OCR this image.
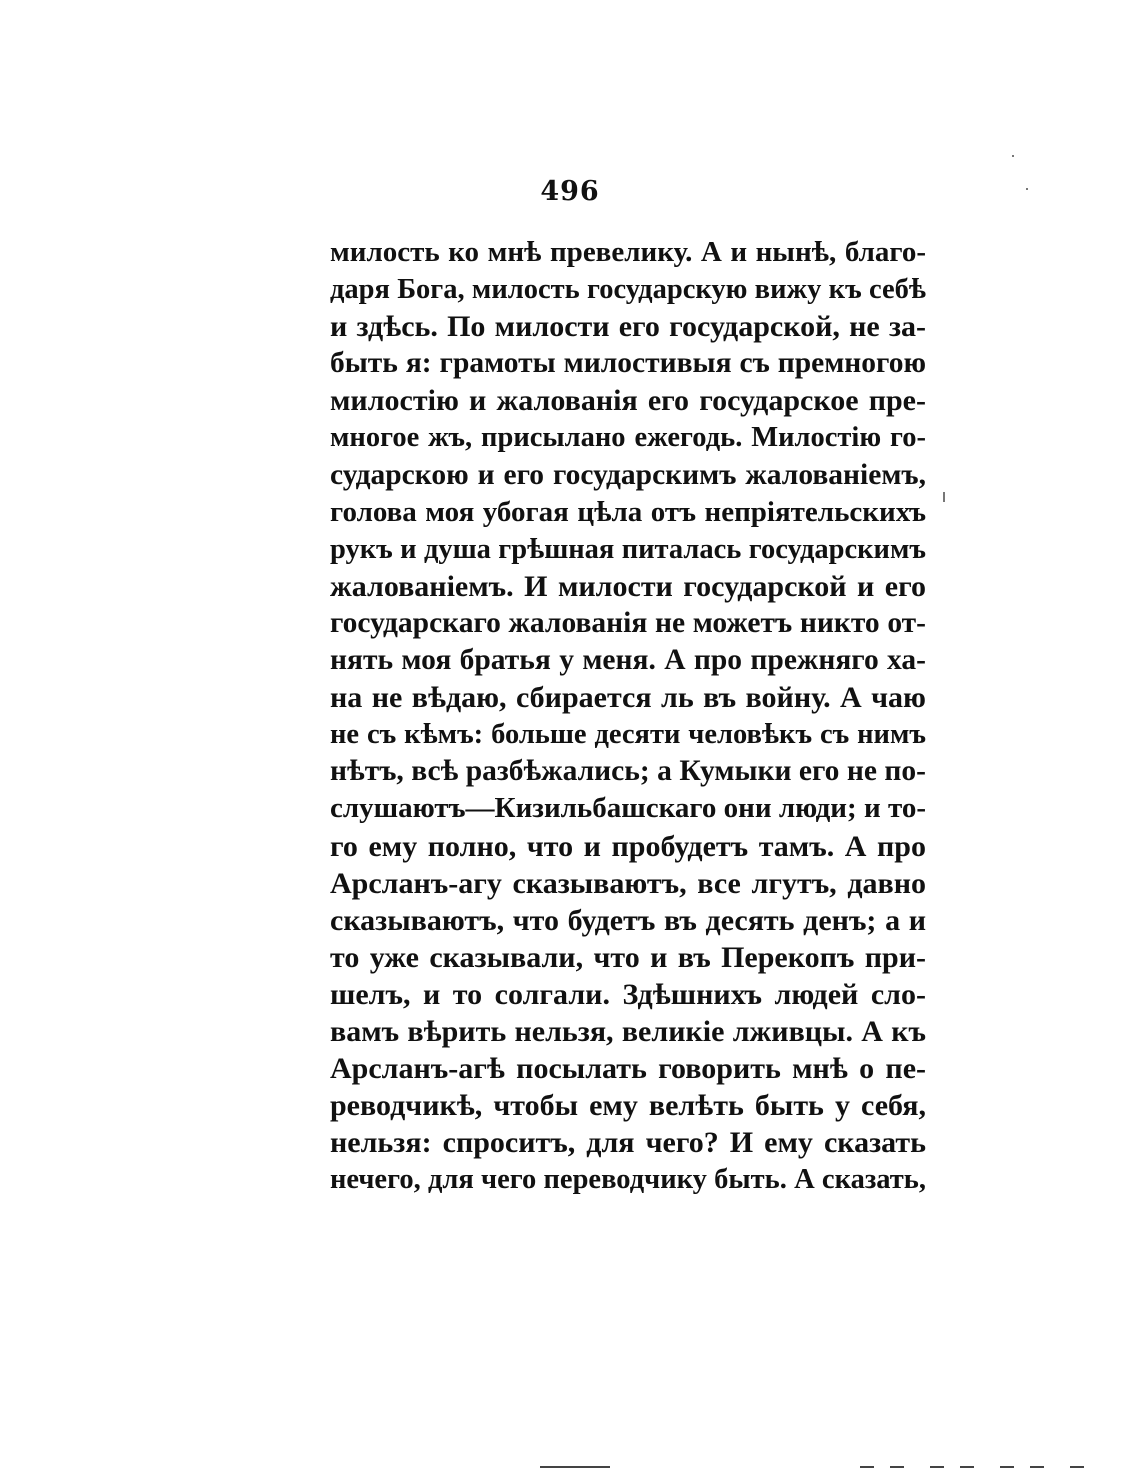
496
милость ко мнѣ превелику. А и нынѣ, благо-
даря Бога, милость государскую вижу къ себѣ
и здѣсь. По милости его государской, не за-
быть я: грамоты милостивыя съ премногою
милостію и жалованія его государское пре-
многое жъ, присылано ежегодь. Милостію го-
сударскою и его государскимъ жалованіемъ,
голова моя убогая цѣла отъ непріятельскихъ
рукъ и душа грѣшная питалась государскимъ
жалованіемъ. И милости государской и его
государскаго жалованія не можетъ никто от-
нять моя братья у меня. А про прежняго ха-
на не вѣдаю, сбирается ль въ войну. А чаю
не съ кѣмъ: больше десяти человѣкъ съ нимъ
нѣтъ, всѣ разбѣжались; а Кумыки его не по-
слушаютъ—Кизильбашскаго они люди; и то-
го ему полно, что и пробудетъ тамъ. А про
Арсланъ-агу сказываютъ, все лгутъ, давно
сказываютъ, что будетъ въ десять денъ; а и
то уже сказывали, что и въ Перекопъ при-
шелъ, и то солгали. Здѣшнихъ людей сло-
вамъ вѣрить нельзя, великіе лживцы. А къ
Арсланъ-агѣ посылать говорить мнѣ о пе-
реводчикѣ, чтобы ему велѣть быть у себя,
нельзя: спроситъ, для чего? И ему сказать
нечего, для чего переводчику быть. А сказать,
